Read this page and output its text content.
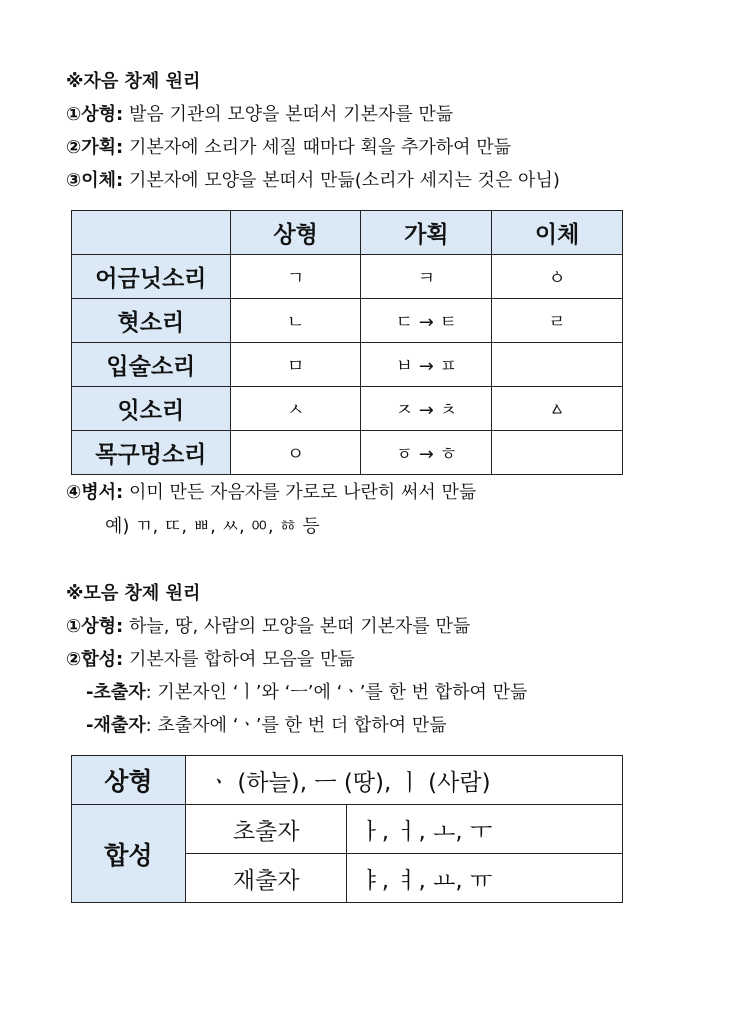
※자음 창제 원리
①상형: 발음 기관의 모양을 본떠서 기본자를 만듦
②가획: 기본자에 소리가 세질 때마다 획을 추가하여 만듦
③이체: 기본자에 모양을 본떠서 만듦(소리가 세지는 것은 아님)
	상형	가획	이체
어금닛소리	ㄱ	ㅋ	ㆁ
혓소리	ㄴ	ㄷ → ㅌ	ㄹ
입술소리	ㅁ	ㅂ → ㅍ	
잇소리	ㅅ	ㅈ → ㅊ	ㅿ
목구멍소리	ㅇ	ㆆ → ㅎ	
④병서: 이미 만든 자음자를 가로로 나란히 써서 만듦
예) ㄲ, ㄸ, ㅃ, ㅆ, ㆀ, ㆅ 등
※모음 창제 원리
①상형: 하늘, 땅, 사람의 모양을 본떠 기본자를 만듦
②합성: 기본자를 합하여 모음을 만듦
-초출자: 기본자인 ‘ㅣ’와 ‘ㅡ’에 ‘ㆍ’를 한 번 합하여 만듦
-재출자: 초출자에 ‘ㆍ’를 한 번 더 합하여 만듦
상형	ㆍ (하늘), ㅡ (땅), ㅣ (사람)	
합성	초출자	ㅏ, ㅓ, ㅗ, ㅜ
	재출자	ㅑ, ㅕ, ㅛ, ㅠ
